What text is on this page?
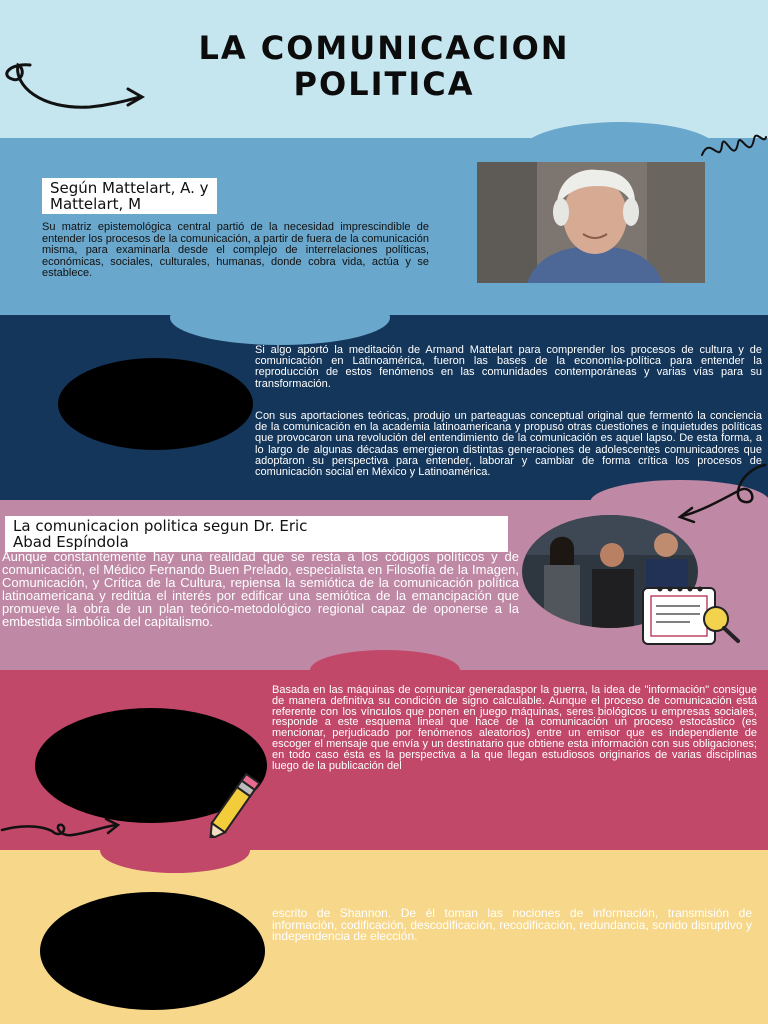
LA COMUNICACION
POLITICA
Según Mattelart, A. y
Mattelart, M

Su matriz epistemológica central partió de la necesidad imprescindible de entender los procesos de la comunicación, a partir de fuera de la comunicación misma, para examinarla desde el complejo de interrelaciones políticas, económicas, sociales, culturales, humanas, donde cobra vida, actúa y se establece.

Si algo aportó la meditación de Armand Mattelart para comprender los procesos de cultura y de comunicación en Latinoamérica, fueron las bases de la economía-política para entender la reproducción de estos fenómenos en las comunidades contemporáneas y varias vías para su transformación.

Con sus aportaciones teóricas, produjo un parteaguas conceptual original que fermentó la conciencia de la comunicación en la academia latinoamericana y propuso otras cuestiones e inquietudes políticas que provocaron una revolución del entendimiento de la comunicación es aquel lapso. De esta forma, a lo largo de algunas décadas emergieron distintas generaciones de adolescentes comunicadores que adoptaron su perspectiva para entender, laborar y cambiar de forma crítica los procesos de comunicación social en México y Latinoamérica.

La comunicacion politica segun Dr. Eric
Abad Espíndola

Aunque constantemente hay una realidad que se resta a los códigos políticos y de comunicación, el Médico Fernando Buen Prelado, especialista en Filosofía de la Imagen, Comunicación, y Crítica de la Cultura, repiensa la semiótica de la comunicación política latinoamericana y reditúa el interés por edificar una semiótica de la emancipación que promueve la obra de un plan teórico-metodológico regional capaz de oponerse a la embestida simbólica del capitalismo.

Basada en las máquinas de comunicar generadaspor la guerra, la idea de "información" consigue de manera definitiva su condición de signo calculable. Aunque el proceso de comunicación está referente con los vínculos que ponen en juego máquinas, seres biológicos u empresas sociales, responde a este esquema lineal que hace de la comunicación un proceso estocástico (es mencionar, perjudicado por fenómenos aleatorios) entre un emisor que es independiente de escoger el mensaje que envía y un destinatario que obtiene esta información con sus obligaciones; en todo caso ésta es la perspectiva a la que llegan estudiosos originarios de varias disciplinas luego de la publicación del

escrito de Shannon. De él toman las nociones de información, transmisión de información, codificación, descodificación, recodificación, redundancia, sonido disruptivo y independencia de elección.
